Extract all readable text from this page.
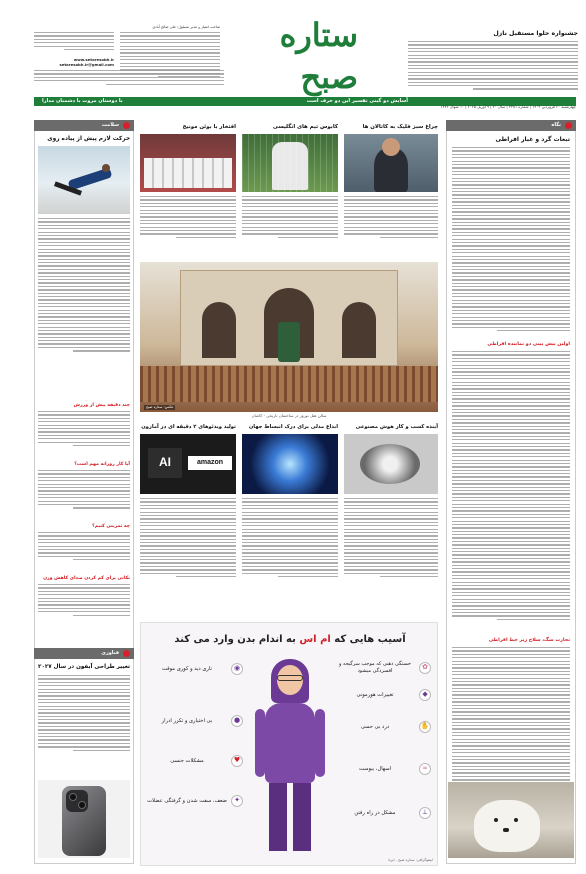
جشنواره حلوا مستقبل نازل
ستاره صبح
صاحب امتیاز و مدیر مسئول: علی صالح آبادی
www.setaresobh.ir
setaresobh.ir@gmail.com
آسایش دو گیتی تفسیر این دو حرف است
با دوستان مروت با دشمنان مدارا
چهارشنبه ۲۰ فروردین ۱۴۰۴ | شماره ۳۳۸۱ | سال ۲۰ | ۹ آوریل ۲۰۲۵ | ۱۰ شوال ۱۴۴۶
نگاه
تبعات گرد و غبار افراطی
اولین پیش بینی دو نماینده افراطی
تجارت سگ، سلاح زیر خط افراطی
سلامت
حرکت لازم پیش از پیاده روی
چند دقیقه پیش از ورزش
آیا کار روزانه مهم است؟
چه تمرینی کنیم؟
نکاتی برای کم کردن صدای کاهش وزن
فناوری
تغییر طراحی آیفون در سال ۲۰۲۷
چراغ سبز فلیک به کاتالان ها
کابوس تیم های انگلیسی
افتخار با بوئن مونیخ
عکس: ستاره صبح
سالن هتل نوروز در ساختمان تاریخی - کاشان
آینده کسب و کار هوش مصنوعی
ابداع مدلی برای درک انبساط جهان
تولید ویدئوهای ۲ دقیقه ای در آمازون
AI	amazon
آسیب هایی که ام اس به اندام بدن وارد می کند
◉
تاری دید و کوری موقت
●
بی اختیاری و تکرر ادرار
♥
مشکلات جنسی
✦
ضعف، سفت شدن و گرفتگی عضلات
✿
خستگی دهنی که موجب سرگیجه و افسردگی میشود
◆
تغییرات هورمونی
✋
درد بی حسی
∞
اسهال، یبوست
⟂
مشکل در راه رفتن
اینفوگرافی: ستاره صبح - ایرنا
